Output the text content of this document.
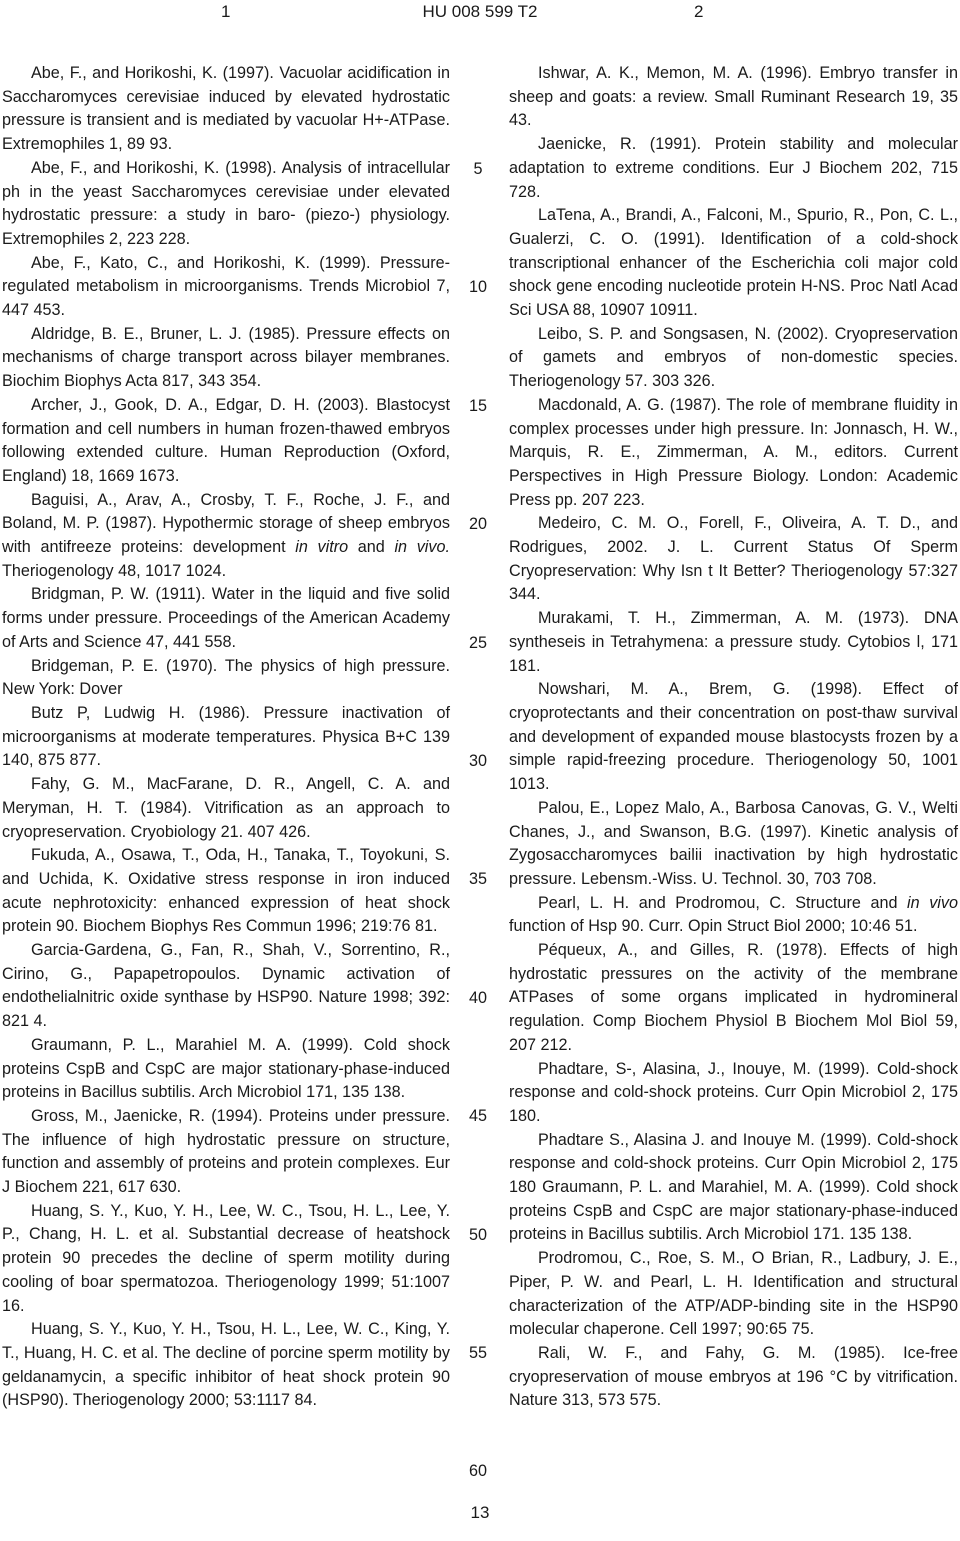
1	HU 008 599 T2	2

Abe, F., and Horikoshi, K. (1997). Vacuolar acidification in Saccharomyces cerevisiae induced by elevated hydrostatic pressure is transient and is mediated by vacuolar H+-ATPase. Extremophiles 1, 89 93.

Abe, F., and Horikoshi, K. (1998). Analysis of intracellular ph in the yeast Saccharomyces cerevisiae under elevated hydrostatic pressure: a study in baro- (piezo-) physiology. Extremophiles 2, 223 228.

Abe, F., Kato, C., and Horikoshi, K. (1999). Pressure-regulated metabolism in microorganisms. Trends Microbiol 7, 447 453.

Aldridge, B. E., Bruner, L. J. (1985). Pressure effects on mechanisms of charge transport across bilayer membranes. Biochim Biophys Acta 817, 343 354.

Archer, J., Gook, D. A., Edgar, D. H. (2003). Blastocyst formation and cell numbers in human frozen-thawed embryos following extended culture. Human Reproduction (Oxford, England) 18, 1669 1673.

Baguisi, A., Arav, A., Crosby, T. F., Roche, J. F., and Boland, M. P. (1987). Hypothermic storage of sheep embryos with antifreeze proteins: development in vitro and in vivo. Theriogenology 48, 1017 1024.

Bridgman, P. W. (1911). Water in the liquid and five solid forms under pressure. Proceedings of the American Academy of Arts and Science 47, 441 558.

Bridgeman, P. E. (1970). The physics of high pressure. New York: Dover

Butz P, Ludwig H. (1986). Pressure inactivation of microorganisms at moderate temperatures. Physica B+C 139 140, 875 877.

Fahy, G. M., MacFarane, D. R., Angell, C. A. and Meryman, H. T. (1984). Vitrification as an approach to cryopreservation. Cryobiology 21. 407 426.

Fukuda, A., Osawa, T., Oda, H., Tanaka, T., Toyokuni, S. and Uchida, K. Oxidative stress response in iron induced acute nephrotoxicity: enhanced expression of heat shock protein 90. Biochem Biophys Res Commun 1996; 219:76 81.

Garcia-Gardena, G., Fan, R., Shah, V., Sorrentino, R., Cirino, G., Papapetropoulos. Dynamic activation of endothelialnitric oxide synthase by HSP90. Nature 1998; 392: 821 4.

Graumann, P. L., Marahiel M. A. (1999). Cold shock proteins CspB and CspC are major stationary-phase-induced proteins in Bacillus subtilis. Arch Microbiol 171, 135 138.

Gross, M., Jaenicke, R. (1994). Proteins under pressure. The influence of high hydrostatic pressure on structure, function and assembly of proteins and protein complexes. Eur J Biochem 221, 617 630.

Huang, S. Y., Kuo, Y. H., Lee, W. C., Tsou, H. L., Lee, Y. P., Chang, H. L. et al. Substantial decrease of heatshock protein 90 precedes the decline of sperm motility during cooling of boar spermatozoa. Theriogenology 1999; 51:1007 16.

Huang, S. Y., Kuo, Y. H., Tsou, H. L., Lee, W. C., King, Y. T., Huang, H. C. et al. The decline of porcine sperm motility by geldanamycin, a specific inhibitor of heat shock protein 90 (HSP90). Theriogenology 2000; 53:1117 84.

Ishwar, A. K., Memon, M. A. (1996). Embryo transfer in sheep and goats: a review. Small Ruminant Research 19, 35 43.

Jaenicke, R. (1991). Protein stability and molecular adaptation to extreme conditions. Eur J Biochem 202, 715 728.

LaTena, A., Brandi, A., Falconi, M., Spurio, R., Pon, C. L., Gualerzi, C. O. (1991). Identification of a cold-shock transcriptional enhancer of the Escherichia coli major cold shock gene encoding nucleotide protein H-NS. Proc Natl Acad Sci USA 88, 10907 10911.

Leibo, S. P. and Songsasen, N. (2002). Cryopreservation of gamets and embryos of non-domestic species. Theriogenology 57. 303 326.

Macdonald, A. G. (1987). The role of membrane fluidity in complex processes under high pressure. In: Jonnasch, H. W., Marquis, R. E., Zimmerman, A. M., editors. Current Perspectives in High Pressure Biology. London: Academic Press pp. 207 223.

Medeiro, C. M. O., Forell, F., Oliveira, A. T. D., and Rodrigues, 2002. J. L. Current Status Of Sperm Cryopreservation: Why Isn t It Better? Theriogenology 57:327 344.

Murakami, T. H., Zimmerman, A. M. (1973). DNA syntheseis in Tetrahymena: a pressure study. Cytobios l, 171 181.

Nowshari, M. A., Brem, G. (1998). Effect of cryoprotectants and their concentration on post-thaw survival and development of expanded mouse blastocysts frozen by a simple rapid-freezing procedure. Theriogenology 50, 1001 1013.

Palou, E., Lopez Malo, A., Barbosa Canovas, G. V., Welti Chanes, J., and Swanson, B.G. (1997). Kinetic analysis of Zygosaccharomyces bailii inactivation by high hydrostatic pressure. Lebensm.-Wiss. U. Technol. 30, 703 708.

Pearl, L. H. and Prodromou, C. Structure and in vivo function of Hsp 90. Curr. Opin Struct Biol 2000; 10:46 51.

Péqueux, A., and Gilles, R. (1978). Effects of high hydrostatic pressures on the activity of the membrane ATPases of some organs implicated in hydromineral regulation. Comp Biochem Physiol B Biochem Mol Biol 59, 207 212.

Phadtare, S-, Alasina, J., Inouye, M. (1999). Cold-shock response and cold-shock proteins. Curr Opin Microbiol 2, 175 180.

Phadtare S., Alasina J. and Inouye M. (1999). Cold-shock response and cold-shock proteins. Curr Opin Microbiol 2, 175 180 Graumann, P. L. and Marahiel, M. A. (1999). Cold shock proteins CspB and CspC are major stationary-phase-induced proteins in Bacillus subtilis. Arch Microbiol 171. 135 138.

Prodromou, C., Roe, S. M., O Brian, R., Ladbury, J. E., Piper, P. W. and Pearl, L. H. Identification and structural characterization of the ATP/ADP-binding site in the HSP90 molecular chaperone. Cell 1997; 90:65 75.

Rali, W. F., and Fahy, G. M. (1985). Ice-free cryopreservation of mouse embryos at 196 °C by vitrification. Nature 313, 573 575.

5
10
15
20
25
30
35
40
45
50
55
60
13
